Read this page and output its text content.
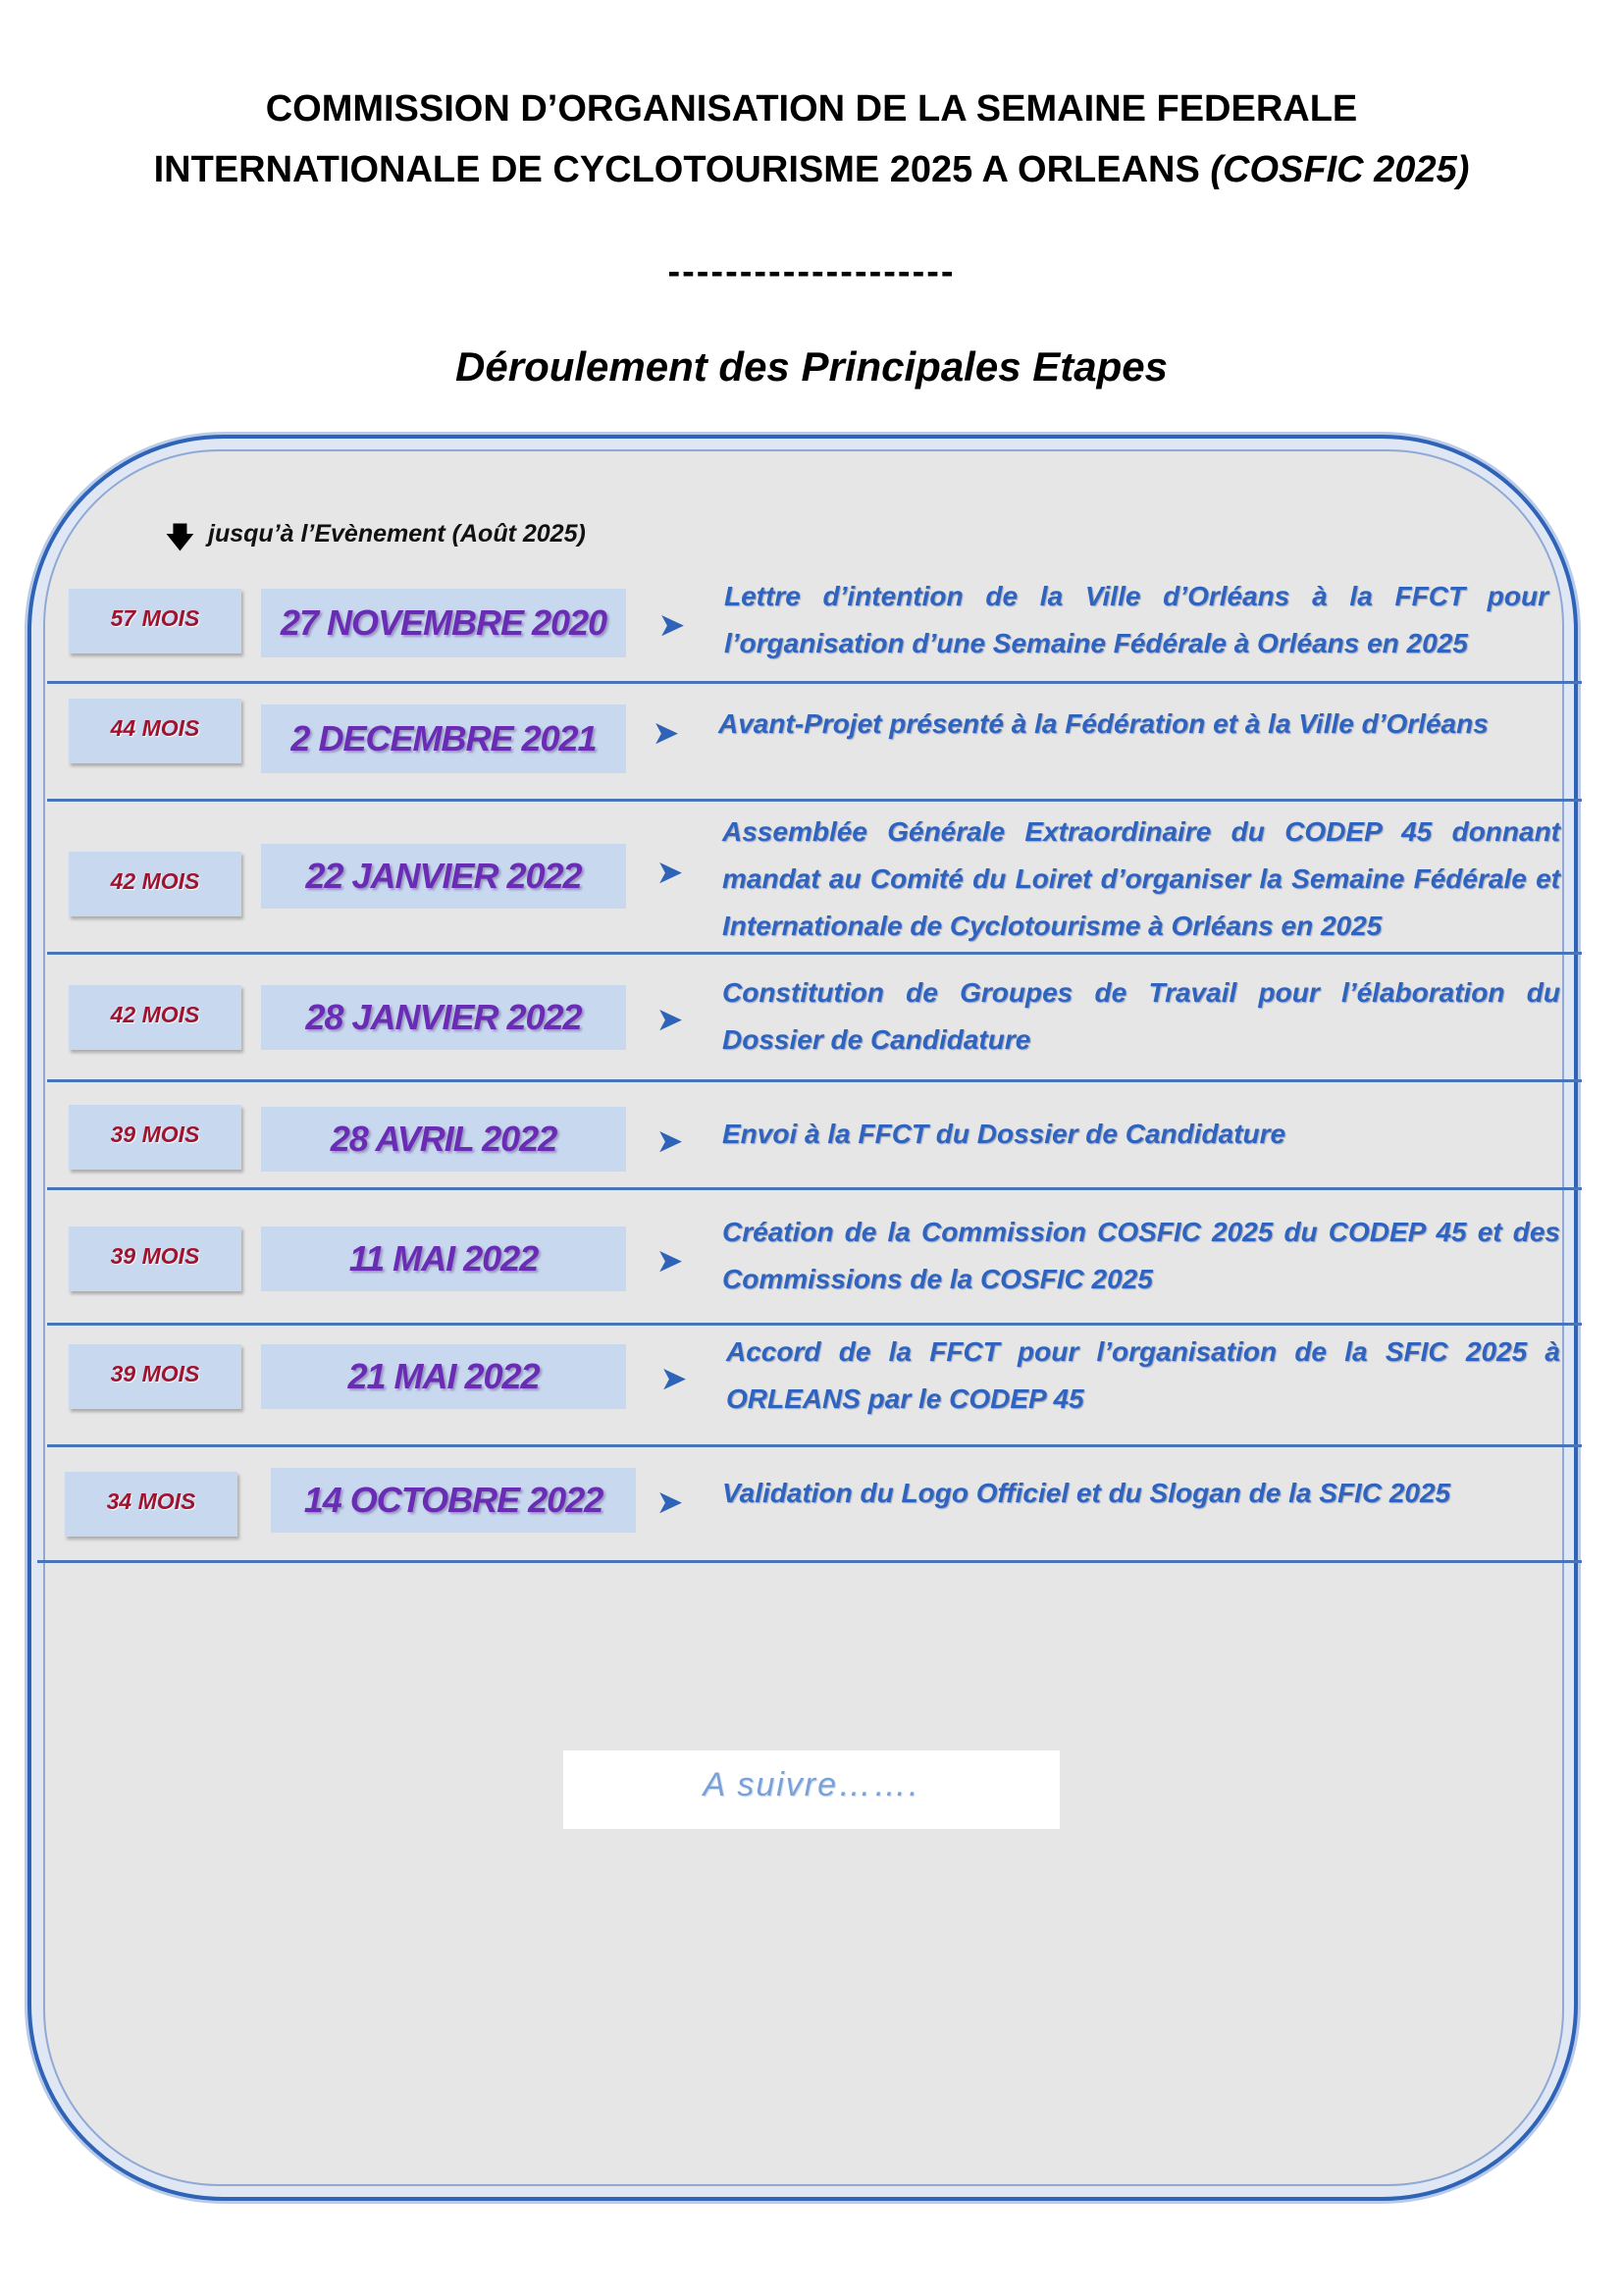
COMMISSION D’ORGANISATION DE LA SEMAINE FEDERALE
INTERNATIONALE DE CYCLOTOURISME 2025 A ORLEANS (COSFIC 2025)
--------------------
Déroulement des Principales Etapes
🡇 jusqu’à l’Evènement (Août 2025)
A suivre…….
57 MOIS	27 NOVEMBRE 2020	➤
Lettre d’intention de la Ville d’Orléans à la FFCT pour l’organisation d’une Semaine Fédérale à Orléans en 2025
44 MOIS	2 DECEMBRE 2021	➤ Avant-Projet présenté à la Fédération et à la Ville d’Orléans
42 MOIS	22 JANVIER 2022	➤
Assemblée Générale Extraordinaire du CODEP 45 donnant mandat au Comité du Loiret d’organiser la Semaine Fédérale et Internationale de Cyclotourisme à Orléans en 2025
42 MOIS	28 JANVIER 2022	➤
Constitution de Groupes de Travail pour l’élaboration du Dossier de Candidature
39 MOIS	28 AVRIL 2022	➤ Envoi à la FFCT du Dossier de Candidature
39 MOIS	11 MAI 2022	➤
Création de la Commission COSFIC 2025 du CODEP 45 et des Commissions de la COSFIC 2025
39 MOIS	21 MAI 2022	➤
Accord de la FFCT pour l’organisation de la SFIC 2025 à ORLEANS par le CODEP 45
34 MOIS	14 OCTOBRE 2022	➤ Validation du Logo Officiel et du Slogan de la SFIC 2025
